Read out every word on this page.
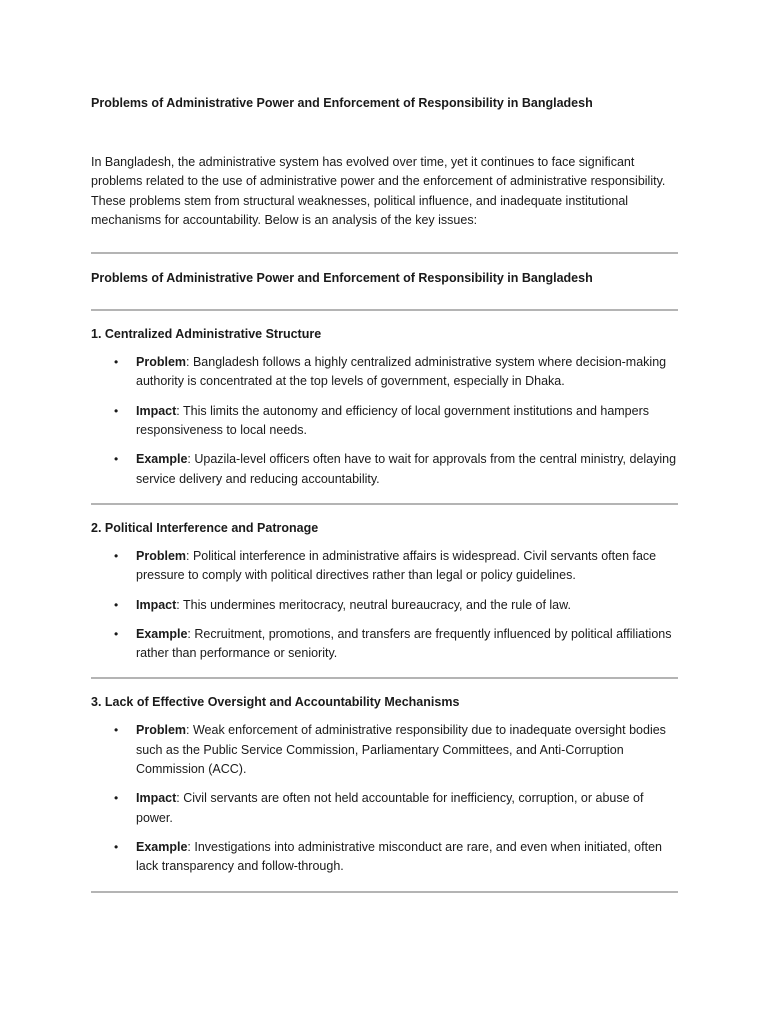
Problems of Administrative Power and Enforcement of Responsibility in Bangladesh

In Bangladesh, the administrative system has evolved over time, yet it continues to face significant problems related to the use of administrative power and the enforcement of administrative responsibility. These problems stem from structural weaknesses, political influence, and inadequate institutional mechanisms for accountability. Below is an analysis of the key issues:

Problems of Administrative Power and Enforcement of Responsibility in Bangladesh

1. Centralized Administrative Structure

• Problem: Bangladesh follows a highly centralized administrative system where decision-making authority is concentrated at the top levels of government, especially in Dhaka.
• Impact: This limits the autonomy and efficiency of local government institutions and hampers responsiveness to local needs.
• Example: Upazila-level officers often have to wait for approvals from the central ministry, delaying service delivery and reducing accountability.

2. Political Interference and Patronage

• Problem: Political interference in administrative affairs is widespread. Civil servants often face pressure to comply with political directives rather than legal or policy guidelines.
• Impact: This undermines meritocracy, neutral bureaucracy, and the rule of law.
• Example: Recruitment, promotions, and transfers are frequently influenced by political affiliations rather than performance or seniority.

3. Lack of Effective Oversight and Accountability Mechanisms

• Problem: Weak enforcement of administrative responsibility due to inadequate oversight bodies such as the Public Service Commission, Parliamentary Committees, and Anti-Corruption Commission (ACC).
• Impact: Civil servants are often not held accountable for inefficiency, corruption, or abuse of power.
• Example: Investigations into administrative misconduct are rare, and even when initiated, often lack transparency and follow-through.
